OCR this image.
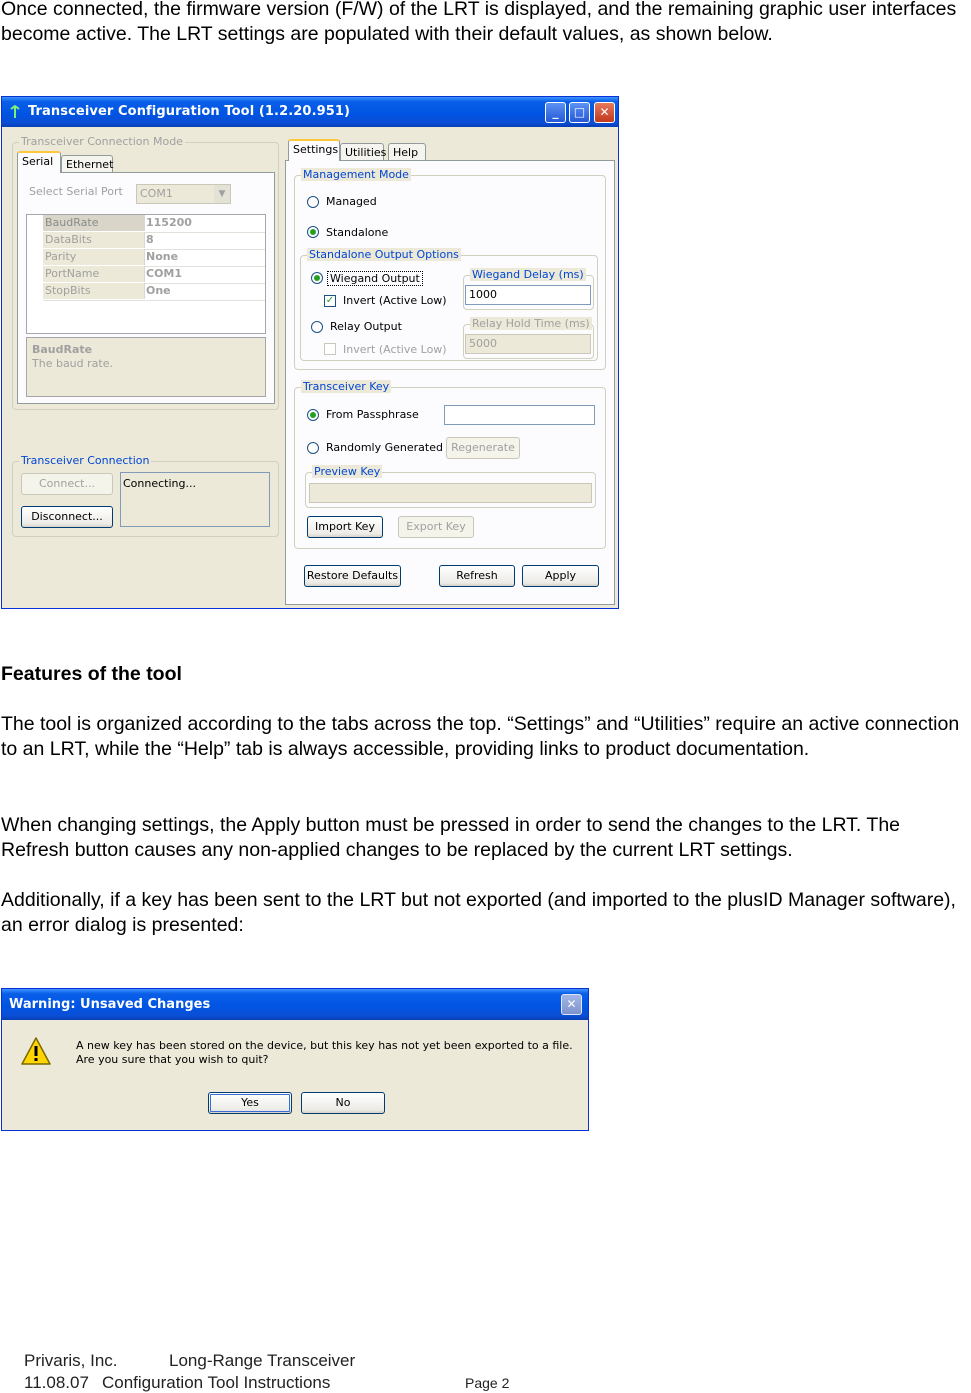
Once connected, the firmware version (F/W) of the LRT is displayed, and the remaining graphic user interfaces become active. The LRT settings are populated with their default values, as shown below.

Transceiver Configuration Tool (1.2.20.951)	_	□	✕
Transceiver Connection Mode
Serial	Ethernet
Select Serial Port	COM1	▼
BaudRate	115200
DataBits	8
Parity	None
PortName	COM1
StopBits	One
BaudRate
The baud rate.
Transceiver Connection
Connect...
Disconnect...
Connecting...
Settings Utilities Help
Management Mode
Managed
Standalone
Standalone Output Options
Wiegand Output
✓ Invert (Active Low)
Relay Output
Invert (Active Low)
Wiegand Delay (ms)
1000
Relay Hold Time (ms)
5000
Transceiver Key
From Passphrase
Randomly Generated Regenerate
Preview Key
Import Key	Export Key
Restore Defaults	Refresh	Apply
Features of the tool

The tool is organized according to the tabs across the top. “Settings” and “Utilities” require an active connection to an LRT, while the “Help” tab is always accessible, providing links to product documentation.

When changing settings, the Apply button must be pressed in order to send the changes to the LRT. The Refresh button causes any non-applied changes to be replaced by the current LRT settings.

Additionally, if a key has been sent to the LRT but not exported (and imported to the plusID Manager software), an error dialog is presented:

Warning: Unsaved Changes	✕
A new key has been stored on the device, but this key has not yet been exported to a file.
Are you sure that you wish to quit?
Yes	No
Privaris, Inc.	Long-Range Transceiver
11.08.07 Configuration Tool Instructions	Page 2
